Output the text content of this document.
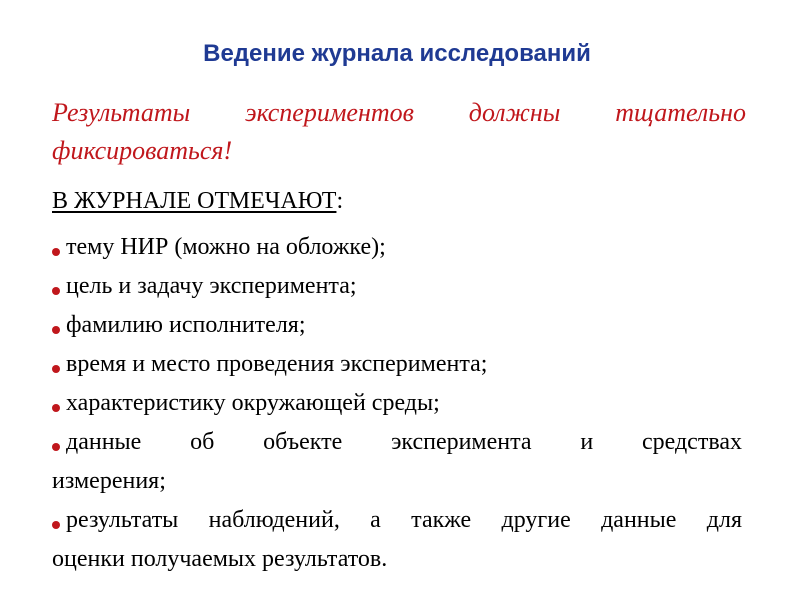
Ведение журнала исследований
Результаты экспериментов должны тщательно
фиксироваться!
В ЖУРНАЛЕ ОТМЕЧАЮТ:
тему НИР (можно на обложке);
цель и задачу эксперимента;
фамилию исполнителя;
время и место проведения эксперимента;
характеристику окружающей среды;
данные об объекте эксперимента и средствах
измерения;
результаты наблюдений, а также другие данные для
оценки получаемых результатов.
